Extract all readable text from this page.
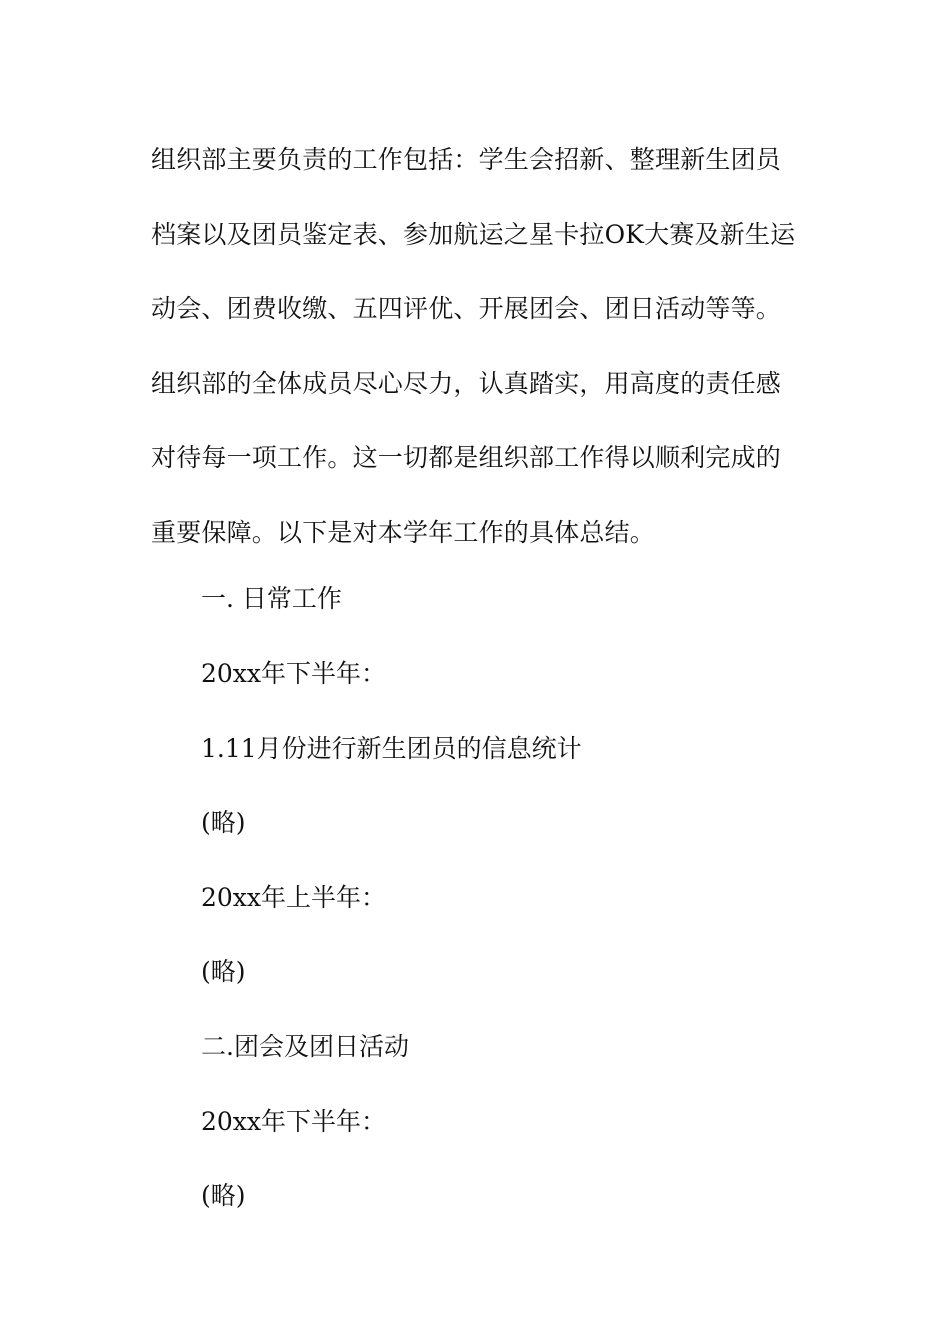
组织部主要负责的工作包括：学生会招新、整理新生团员档案以及团员鉴定表、参加航运之星卡拉OK大赛及新生运动会、团费收缴、五四评优、开展团会、团日活动等等。组织部的全体成员尽心尽力，认真踏实，用高度的责任感对待每一项工作。这一切都是组织部工作得以顺利完成的重要保障。以下是对本学年工作的具体总结。

一. 日常工作

20xx年下半年：

1.11月份进行新生团员的信息统计

(略)

20xx年上半年：

(略)

二.团会及团日活动

20xx年下半年：

(略)
